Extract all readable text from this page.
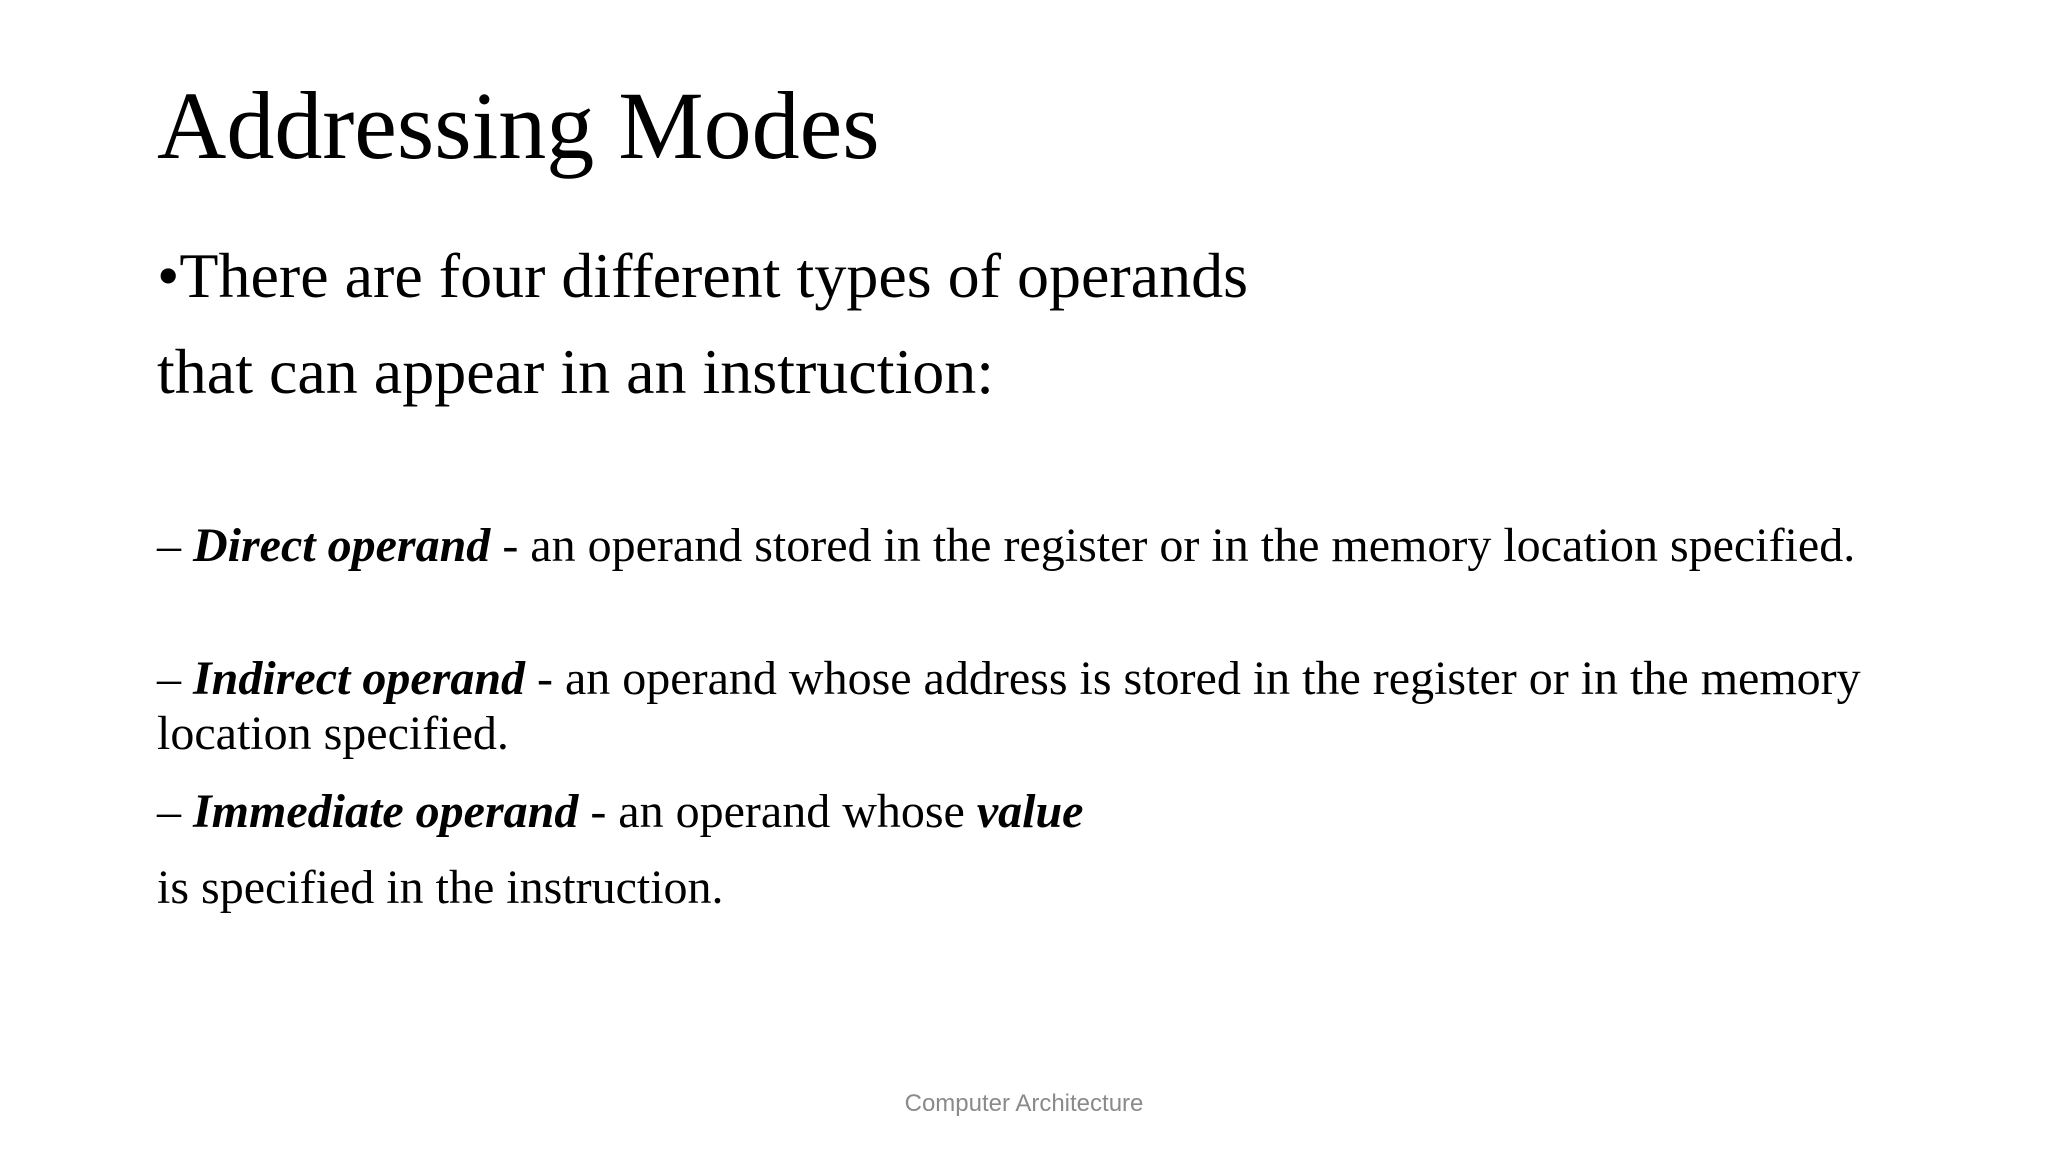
Addressing Modes
•There are four different types of operands
that can appear in an instruction:
– Direct operand - an operand stored in the register or in the memory location specified.
– Indirect operand - an operand whose address is stored in the register or in the memory location specified.
– Immediate operand - an operand whose value
is specified in the instruction.
Computer Architecture
